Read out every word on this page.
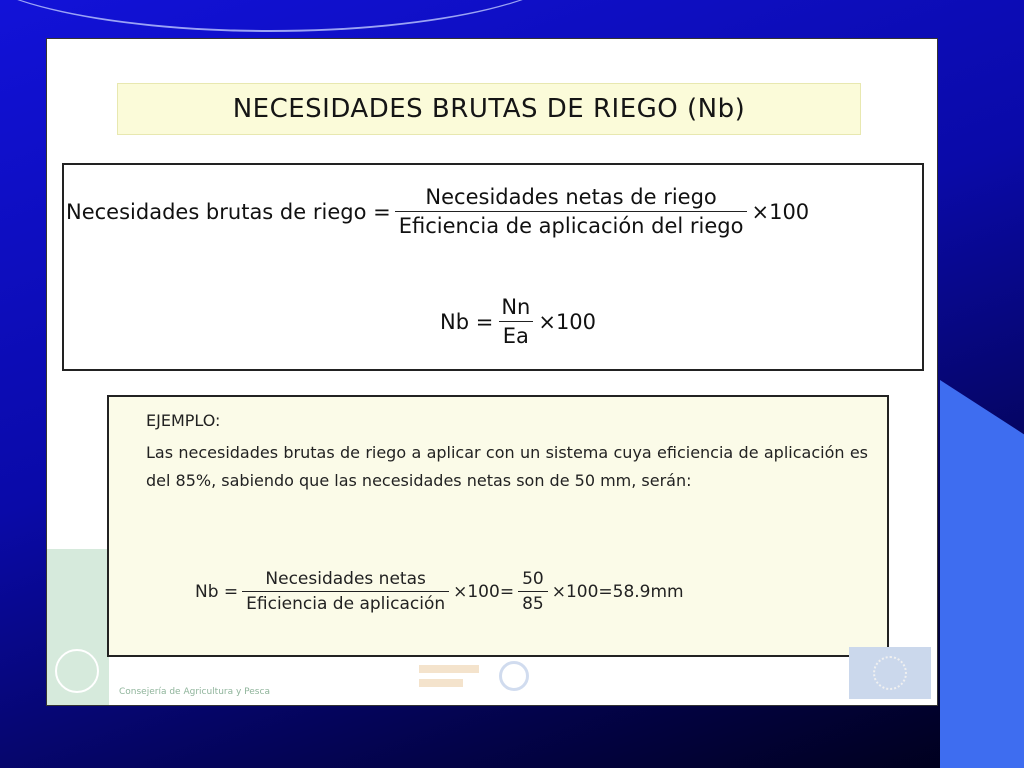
NECESIDADES BRUTAS DE RIEGO (Nb)
Necesidades brutas de riego = $\frac{\text{Necesidades netas de riego}}{\text{Eficiencia de aplicación del riego}} \times 100$
$Nb = \frac{Nn}{Ea} \times 100$
EJEMPLO:
Las necesidades brutas de riego a aplicar con un sistema cuya eficiencia de aplicación es del 85%, sabiendo que las necesidades netas son de 50 mm, serán:
$Nb = \frac{\text{Necesidades netas}}{\text{Eficiencia de aplicación}} \times 100= \frac{50}{85} \times 100= 58.9mm$
Consejería de Agricultura y Pesca
